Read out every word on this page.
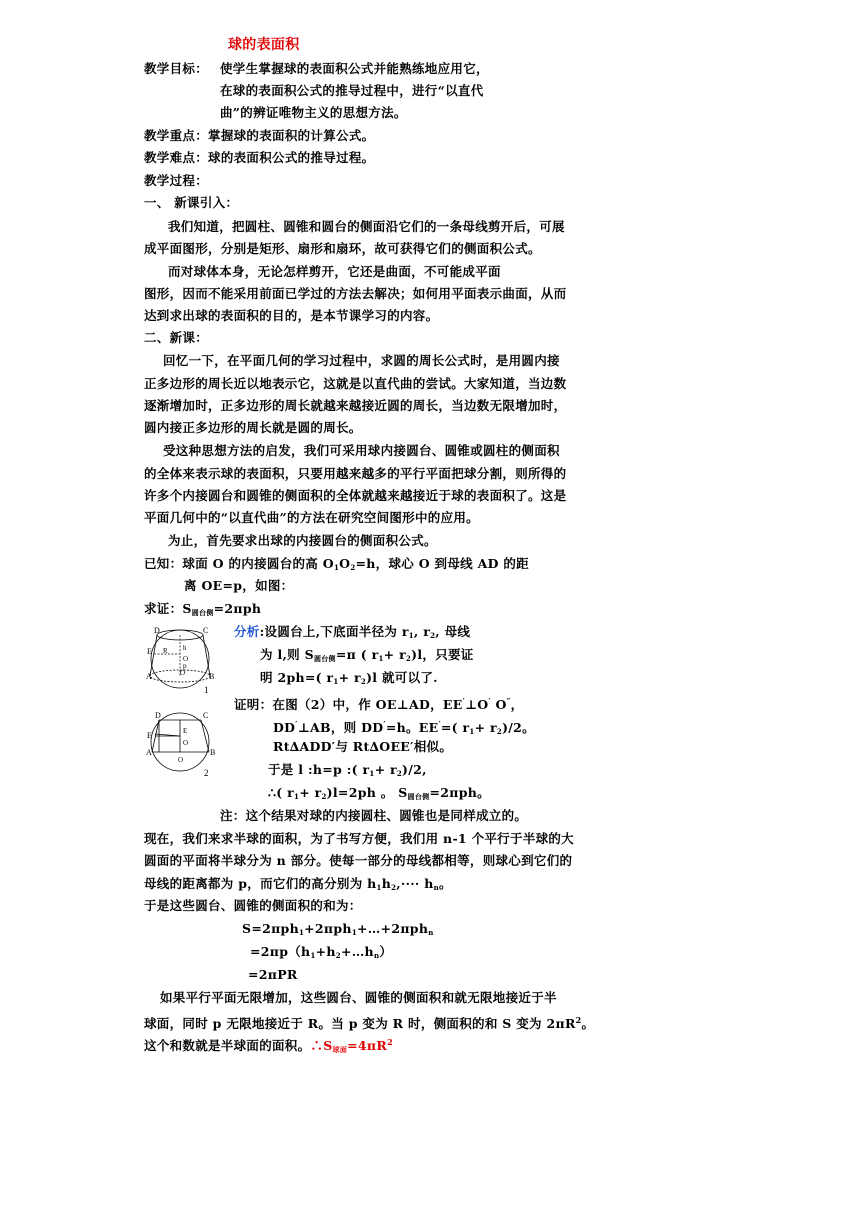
球的表面积
教学目标： 使学生掌握球的表面积公式并能熟练地应用它，
在球的表面积公式的推导过程中，进行“以直代
曲”的辨证唯物主义的思想方法。
教学重点：掌握球的表面积的计算公式。
教学难点：球的表面积公式的推导过程。
教学过程：
一、 新课引入：
我们知道，把圆柱、圆锥和圆台的侧面沿它们的一条母线剪开后，可展
成平面图形，分别是矩形、扇形和扇环，故可获得它们的侧面积公式。
而对球体本身，无论怎样剪开，它还是曲面，不可能成平面
图形，因而不能采用前面已学过的方法去解决；如何用平面表示曲面，从而
达到求出球的表面积的目的，是本节课学习的内容。
二、新课：
回忆一下，在平面几何的学习过程中，求圆的周长公式时，是用圆内接
正多边形的周长近以地表示它，这就是以直代曲的尝试。大家知道，当边数
逐渐增加时，正多边形的周长就越来越接近圆的周长，当边数无限增加时，
圆内接正多边形的周长就是圆的周长。
受这种思想方法的启发，我们可采用球内接圆台、圆锥或圆柱的侧面积
的全体来表示球的表面积，只要用越来越多的平行平面把球分割，则所得的
许多个内接圆台和圆锥的侧面积的全体就越来越接近于球的表面积了。这是
平面几何中的“以直代曲”的方法在研究空间图形中的应用。
为止，首先要求出球的内接圆台的侧面积公式。
已知：球面 O 的内接圆台的高 $O_1O_2=h$，球心 O 到母线 AD 的距
离 OE=p，如图：
求证：$S_{圆台侧}=2\pi ph$
D	C
E R h
O
p
A	B
O
1
D	C
E	E
O
A	B
O
2
分析:设圆台上,下底面半径为 $r_1$, $r_2$, 母线
为 l,则 $S_{圆台侧}=\pi$ ( $r_1+ r_2)l$，只要证
明 2ph=( $r_1+ r_2)l$ 就可以了.
证明：在图（2）中，作 OE⊥AD，EE′⊥O′ O″，
DD′⊥AB，则 DD′=h。EE′=( $r_1+ r_2)/2$。
Rt∆ADD′与 Rt∆OEE′相似。
于是 l :h=p :( $r_1+ r_2)/2$,
∴( $r_1+ r_2)l=2ph$ 。 $S_{圆台侧}=2\pi ph$。
注：这个结果对球的内接圆柱、圆锥也是同样成立的。
现在，我们来求半球的面积，为了书写方便，我们用 n-1 个平行于半球的大
圆面的平面将半球分为 n 部分。使每一部分的母线都相等，则球心到它们的
母线的距离都为 p，而它们的高分别为 $h_1h_2,\cdot\cdot\cdot\cdot h_n$。
于是这些圆台、圆锥的侧面积的和为：
S=2πph$_1$+2πph$_1$+…+2πph$_n$
$=2\pi p(h_1+h_2+\dots h_n)$
=2πPR
如果平行平面无限增加，这些圆台、圆锥的侧面积和就无限地接近于半
球面，同时 p 无限地接近于 R。当 p 变为 R 时，侧面积的和 S 变为 $2\pi R^2$。
这个和数就是半球面的面积。$\therefore S_{球面}=4\pi R^2$
